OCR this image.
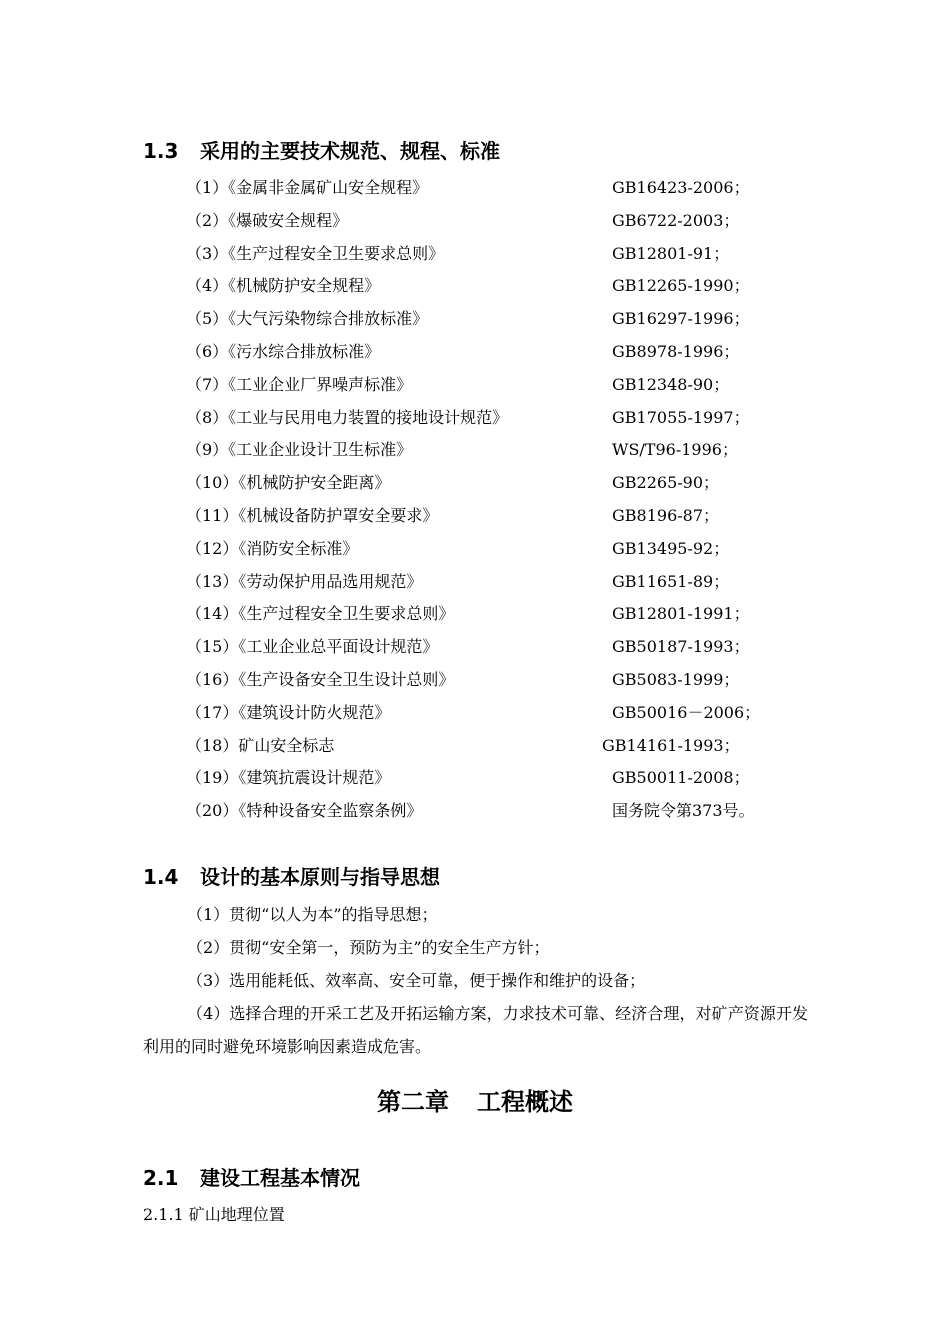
1.3 采用的主要技术规范、规程、标准
（1）《金属非金属矿山安全规程》	GB16423-2006；
（2）《爆破安全规程》	GB6722-2003；
（3）《生产过程安全卫生要求总则》	GB12801-91；
（4）《机械防护安全规程》	GB12265-1990；
（5）《大气污染物综合排放标准》	GB16297-1996；
（6）《污水综合排放标准》	GB8978-1996；
（7）《工业企业厂界噪声标准》	GB12348-90；
（8）《工业与民用电力装置的接地设计规范》	GB17055-1997；
（9）《工业企业设计卫生标准》	WS/T96-1996；
（10）《机械防护安全距离》	GB2265-90；
（11）《机械设备防护罩安全要求》	GB8196-87；
（12）《消防安全标准》	GB13495-92；
（13）《劳动保护用品选用规范》	GB11651-89；
（14）《生产过程安全卫生要求总则》	GB12801-1991；
（15）《工业企业总平面设计规范》	GB50187-1993；
（16）《生产设备安全卫生设计总则》	GB5083-1999；
（17）《建筑设计防火规范》	GB50016－2006；
（18）矿山安全标志	GB14161-1993；
（19）《建筑抗震设计规范》	GB50011-2008；
（20）《特种设备安全监察条例》	国务院令第373号。
1.4 设计的基本原则与指导思想

（1）贯彻“以人为本”的指导思想；

（2）贯彻“安全第一，预防为主”的安全生产方针；

（3）选用能耗低、效率高、安全可靠，便于操作和维护的设备；

（4）选择合理的开采工艺及开拓运输方案，力求技术可靠、经济合理，对矿产资源开发利用的同时避免环境影响因素造成危害。

第二章 工程概述
2.1 建设工程基本情况
2.1.1 矿山地理位置
